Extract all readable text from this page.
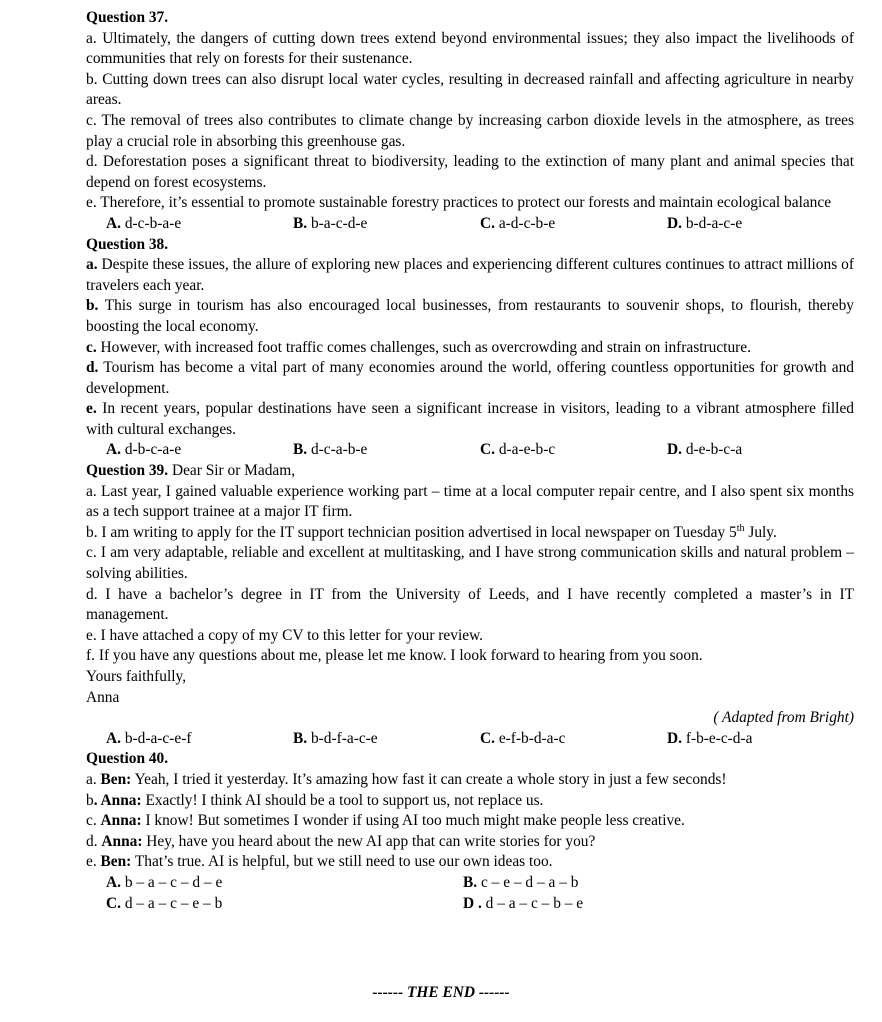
Question 37.

a. Ultimately, the dangers of cutting down trees extend beyond environmental issues; they also impact the livelihoods of communities that rely on forests for their sustenance.

b. Cutting down trees can also disrupt local water cycles, resulting in decreased rainfall and affecting agriculture in nearby areas.

c. The removal of trees also contributes to climate change by increasing carbon dioxide levels in the atmosphere, as trees play a crucial role in absorbing this greenhouse gas.

d. Deforestation poses a significant threat to biodiversity, leading to the extinction of many plant and animal species that depend on forest ecosystems.

e. Therefore, it’s essential to promote sustainable forestry practices to protect our forests and maintain ecological balance

A. d-c-b-a-e	B. b-a-c-d-e	C. a-d-c-b-e	D. b-d-a-c-e
Question 38.

a. Despite these issues, the allure of exploring new places and experiencing different cultures continues to attract millions of travelers each year.

b. This surge in tourism has also encouraged local businesses, from restaurants to souvenir shops, to flourish, thereby boosting the local economy.

c. However, with increased foot traffic comes challenges, such as overcrowding and strain on infrastructure.

d. Tourism has become a vital part of many economies around the world, offering countless opportunities for growth and development.

e. In recent years, popular destinations have seen a significant increase in visitors, leading to a vibrant atmosphere filled with cultural exchanges.

A. d-b-c-a-e	B. d-c-a-b-e	C. d-a-e-b-c	D. d-e-b-c-a
Question 39. Dear Sir or Madam,

a. Last year, I gained valuable experience working part – time at a local computer repair centre, and I also spent six months as a tech support trainee at a major IT firm.

b. I am writing to apply for the IT support technician position advertised in local newspaper on Tuesday 5th July.

c. I am very adaptable, reliable and excellent at multitasking, and I have strong communication skills and natural problem – solving abilities.

d. I have a bachelor’s degree in IT from the University of Leeds, and I have recently completed a master’s in IT management.

e. I have attached a copy of my CV to this letter for your review.

f. If you have any questions about me, please let me know. I look forward to hearing from you soon.

Yours faithfully,
Anna
( Adapted from Bright)
A. b-d-a-c-e-f	B. b-d-f-a-c-e	C. e-f-b-d-a-c	D. f-b-e-c-d-a
Question 40.

a. Ben: Yeah, I tried it yesterday. It’s amazing how fast it can create a whole story in just a few seconds!

b. Anna: Exactly! I think AI should be a tool to support us, not replace us.

c. Anna: I know! But sometimes I wonder if using AI too much might make people less creative.

d. Anna: Hey, have you heard about the new AI app that can write stories for you?

e. Ben: That’s true. AI is helpful, but we still need to use our own ideas too.

A. b – a – c – d – e	B. c – e – d – a – b
C. d – a – c – e – b	D . d – a – c – b – e
------ THE END ------
